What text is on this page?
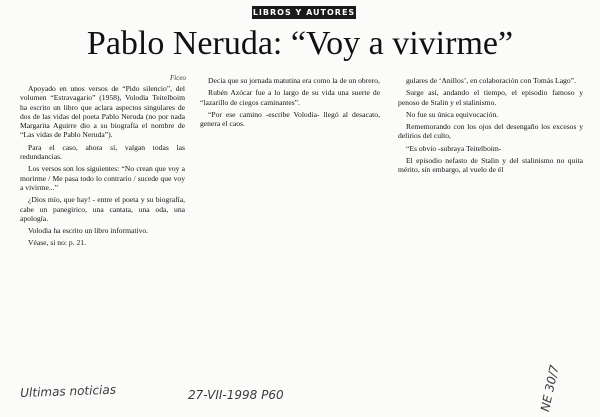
LIBROS Y AUTORES
Pablo Neruda: “Voy a vivirme”
Ficeo

Apoyado en unos versos de “Pido silencio”, del volumen “Estravagario” (1958), Volodia Teitelboim ha escrito un libro que aclara aspectos singulares de dos de las vidas del poeta Pablo Neruda (no por nada Margarita Aguirre dio a su biografía el nombre de “Las vidas de Pablo Neruda”).

Para el caso, ahora sí, valgan todas las redundancias.

Los versos son los siguientes: “No crean que voy a morirme / Me pasa todo lo contrario / sucede que voy a vivirme...”

¿Dios mío, que hay! - entre el poeta y su biografía, cabe un panegirico, una cantata, una oda, una apología.

Volodia ha escrito un libro informativo.

Véase, si no: p. 21.

Decía que su jornada matutina era como la de un obrero,

Rubén Azócar fue a lo largo de su vida una suerte de “lazarillo de ciegos caminantes”.

“Por ese camino -escribe Volodia- llegó al desacato, genera el caos.

gulares de ‘Anillos’, en colaboración con Tomás Lago”.

Surge así, andando el tiempo, el episodio famoso y penoso de Stalin y el stalinismo.

No fue su única equivocación.

Rememorando con los ojos del desengaño los excesos y delirios del culto,

“Es obvio -subraya Teitelboim-

El episodio nefasto de Stalin y del stalinismo no quita mérito, sin embargo, al vuelo de él

Ultimas noticias	27-VII-1998 P60	NE 30/7
